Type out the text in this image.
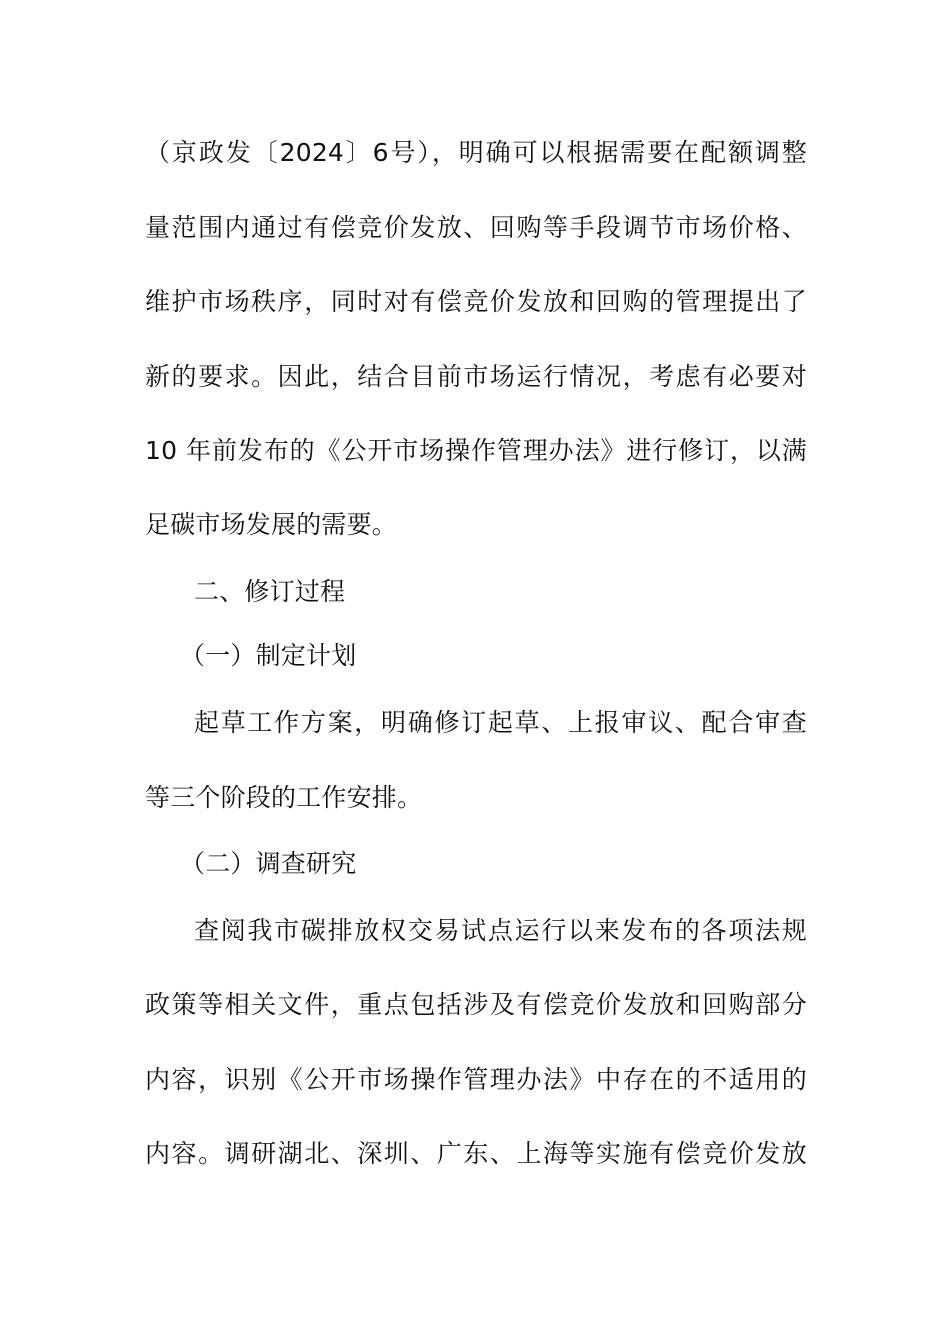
（京政发〔2024〕6号），明确可以根据需要在配额调整
量范围内通过有偿竞价发放、回购等手段调节市场价格、
维护市场秩序，同时对有偿竞价发放和回购的管理提出了
新的要求。因此，结合目前市场运行情况，考虑有必要对
10 年前发布的《公开市场操作管理办法》进行修订，以满
足碳市场发展的需要。
二、修订过程
（一）制定计划
起草工作方案，明确修订起草、上报审议、配合审查
等三个阶段的工作安排。
（二）调查研究
查阅我市碳排放权交易试点运行以来发布的各项法规
政策等相关文件，重点包括涉及有偿竞价发放和回购部分
内容，识别《公开市场操作管理办法》中存在的不适用的
内容。调研湖北、深圳、广东、上海等实施有偿竞价发放
